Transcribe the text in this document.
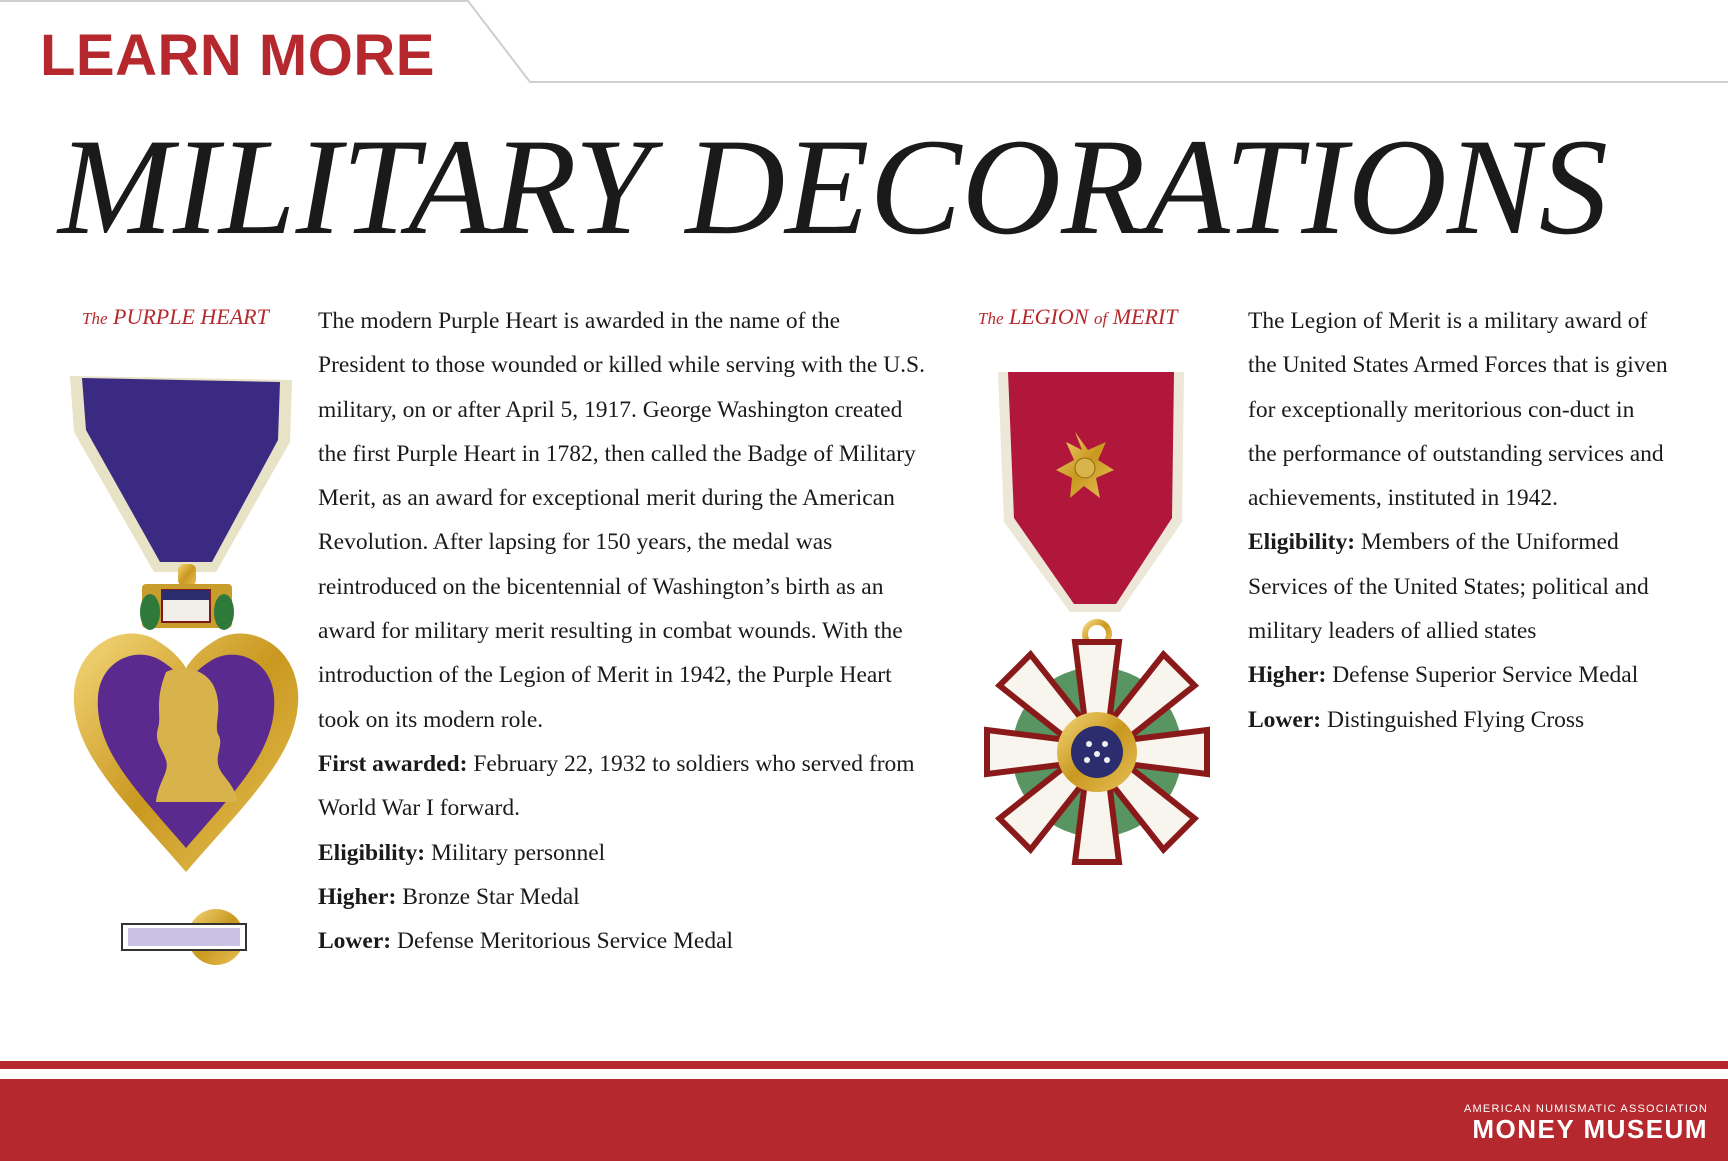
LEARN MORE
MILITARY DECORATIONS
The PURPLE HEART The modern Purple Heart is awarded in the name of the President to those wounded or killed while serving with the U.S. military, on or after April 5, 1917. George Washington created the first Purple Heart in 1782, then called the Badge of Military Merit, as an award for exceptional merit during the American Revolution. After lapsing for 150 years, the medal was reintroduced on the bicentennial of Washington’s birth as an award for military merit resulting in combat wounds. With the introduction of the Legion of Merit in 1942, the Purple Heart took on its modern role.

First awarded: February 22, 1932 to soldiers who served from World War I forward.

Eligibility: Military personnel

Higher: Bronze Star Medal

Lower: Defense Meritorious Service Medal

The LEGION of MERIT	The Legion of Merit is a military award of the United States Armed Forces that is given for exceptionally meritorious con-duct in the performance of outstanding services and achievements, instituted in 1942.

Eligibility: Members of the Uniformed Services of the United States; political and military leaders of allied states

Higher: Defense Superior Service Medal

Lower: Distinguished Flying Cross

AMERICAN NUMISMATIC ASSOCIATION
MONEY MUSEUM
